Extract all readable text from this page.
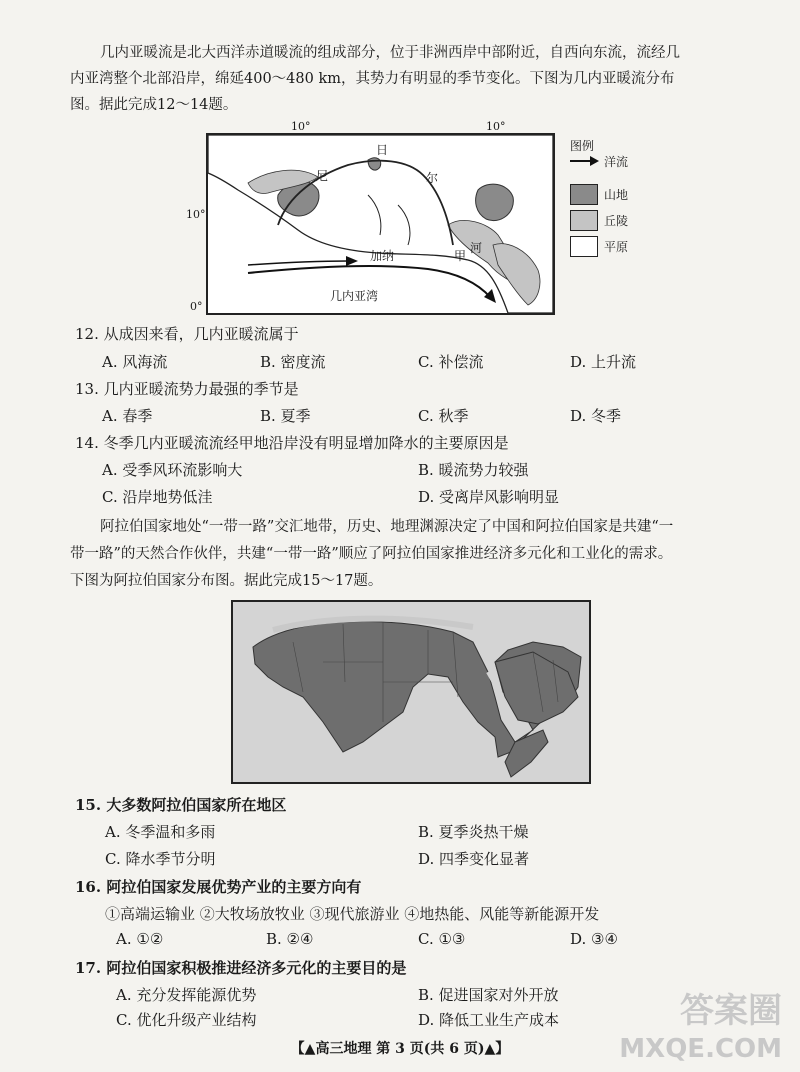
几内亚暖流是北大西洋赤道暖流的组成部分，位于非洲西岸中部附近，自西向东流，流经几
内亚湾整个北部沿岸，绵延400～480 km，其势力有明显的季节变化。下图为几内亚暖流分布
图。据此完成12～14题。
10°	10°
10°
0°
尼
日
尔
加纳	甲
河
几内亚湾
图例
洋流
山地
丘陵
平原
12. 从成因来看，几内亚暖流属于
A. 风海流	B. 密度流	C. 补偿流	D. 上升流
13. 几内亚暖流势力最强的季节是
A. 春季	B. 夏季	C. 秋季	D. 冬季
14. 冬季几内亚暖流流经甲地沿岸没有明显增加降水的主要原因是
A. 受季风环流影响大	B. 暖流势力较强
C. 沿岸地势低洼	D. 受离岸风影响明显
阿拉伯国家地处“一带一路”交汇地带，历史、地理渊源决定了中国和阿拉伯国家是共建“一
带一路”的天然合作伙伴，共建“一带一路”顺应了阿拉伯国家推进经济多元化和工业化的需求。
下图为阿拉伯国家分布图。据此完成15～17题。
15. 大多数阿拉伯国家所在地区
A. 冬季温和多雨	B. 夏季炎热干燥
C. 降水季节分明	D. 四季变化显著
16. 阿拉伯国家发展优势产业的主要方向有
①高端运输业 ②大牧场放牧业 ③现代旅游业 ④地热能、风能等新能源开发
A. ①②	B. ②④	C. ①③	D. ③④
17. 阿拉伯国家积极推进经济多元化的主要目的是
A. 充分发挥能源优势	B. 促进国家对外开放
C. 优化升级产业结构	D. 降低工业生产成本
【▲高三地理 第 3 页(共 6 页)▲】
答案圈
MXQE.COM
